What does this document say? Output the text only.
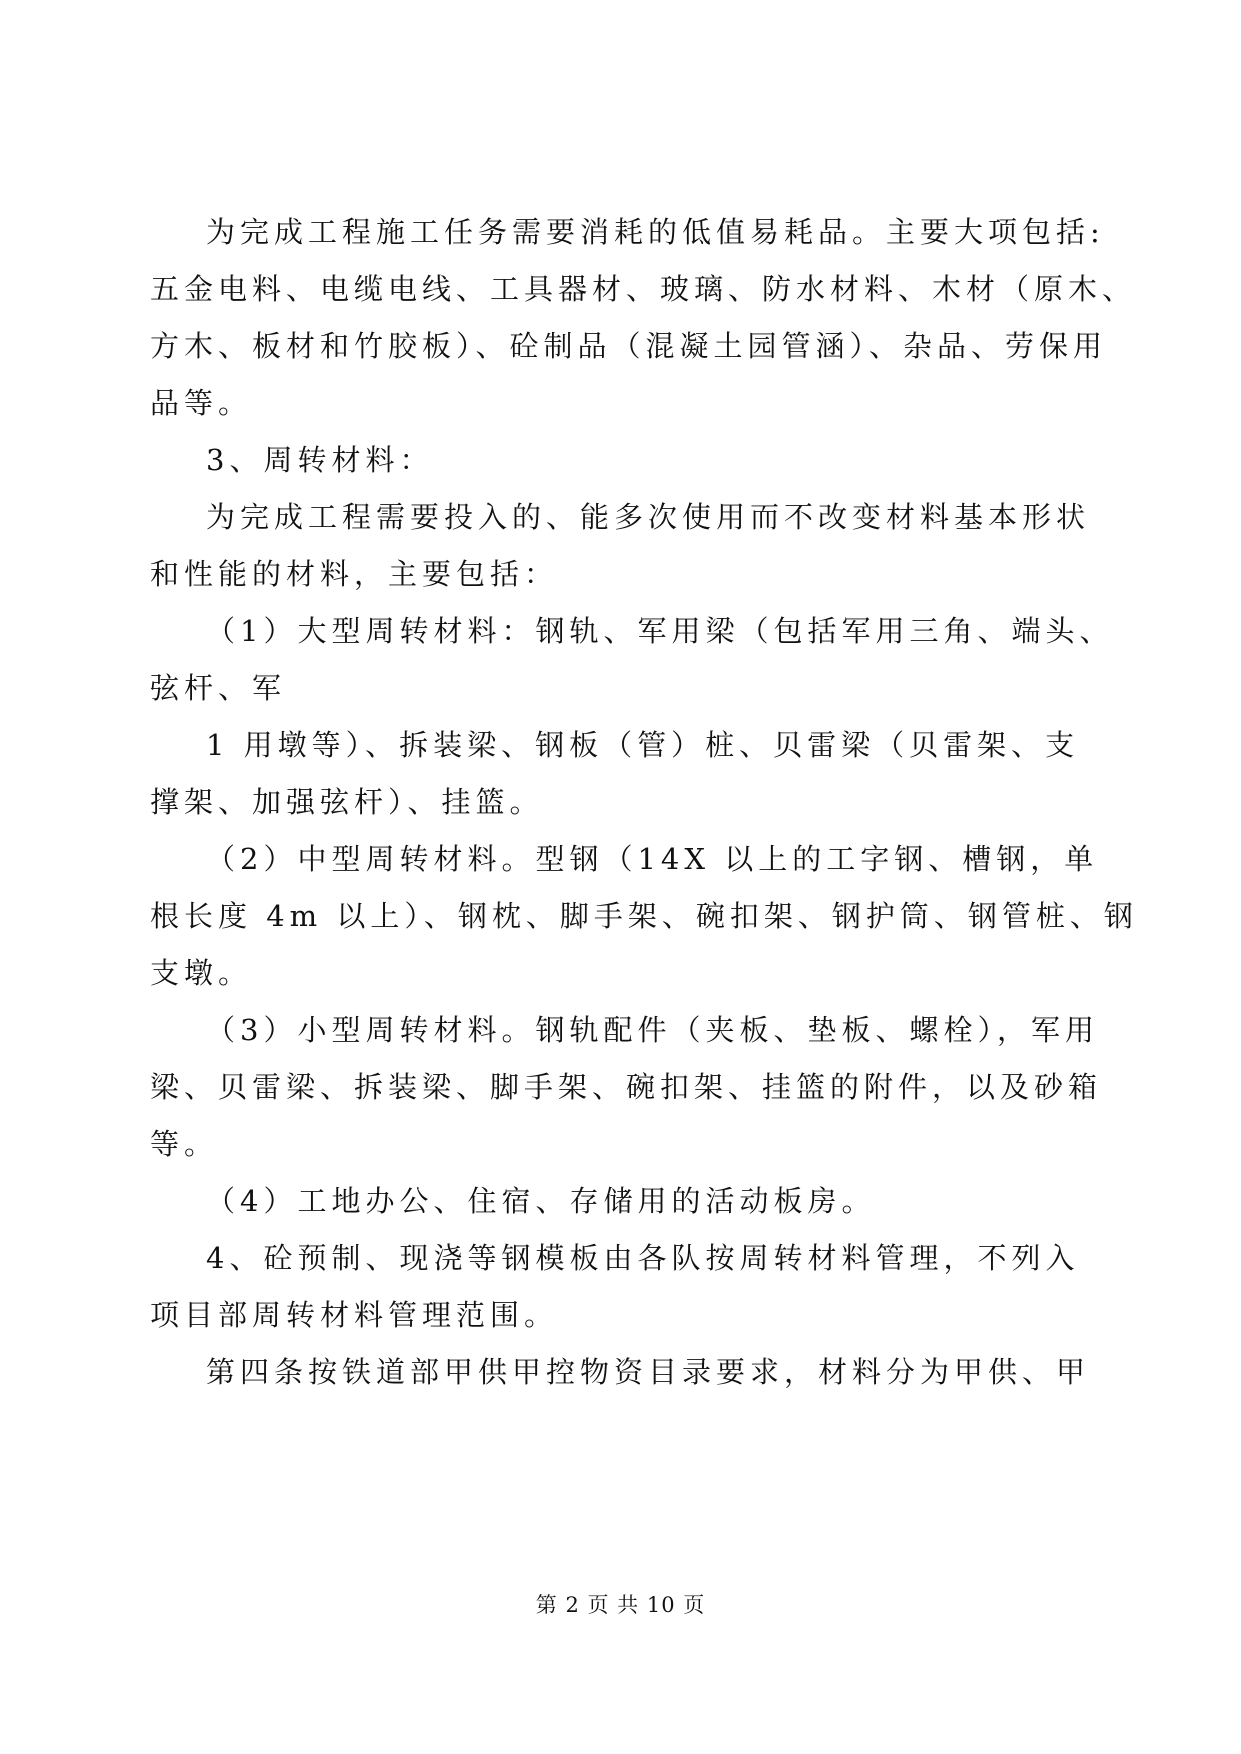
为完成工程施工任务需要消耗的低值易耗品。主要大项包括:
五金电料、电缆电线、工具器材、玻璃、防水材料、木材（原木、
方木、板材和竹胶板）、砼制品（混凝土园管涵）、杂品、劳保用
品等。
3、周转材料：
为完成工程需要投入的、能多次使用而不改变材料基本形状
和性能的材料，主要包括：
（1）大型周转材料：钢轨、军用梁（包括军用三角、端头、
弦杆、军
1 用墩等）、拆装梁、钢板（管）桩、贝雷梁（贝雷架、支
撑架、加强弦杆）、挂篮。
（2）中型周转材料。型钢（14X 以上的工字钢、槽钢，单
根长度 4m 以上）、钢枕、脚手架、碗扣架、钢护筒、钢管桩、钢
支墩。
（3）小型周转材料。钢轨配件（夹板、垫板、螺栓），军用
梁、贝雷梁、拆装梁、脚手架、碗扣架、挂篮的附件，以及砂箱
等。
（4）工地办公、住宿、存储用的活动板房。
4、砼预制、现浇等钢模板由各队按周转材料管理，不列入
项目部周转材料管理范围。
第四条按铁道部甲供甲控物资目录要求，材料分为甲供、甲
第 2 页 共 10 页
